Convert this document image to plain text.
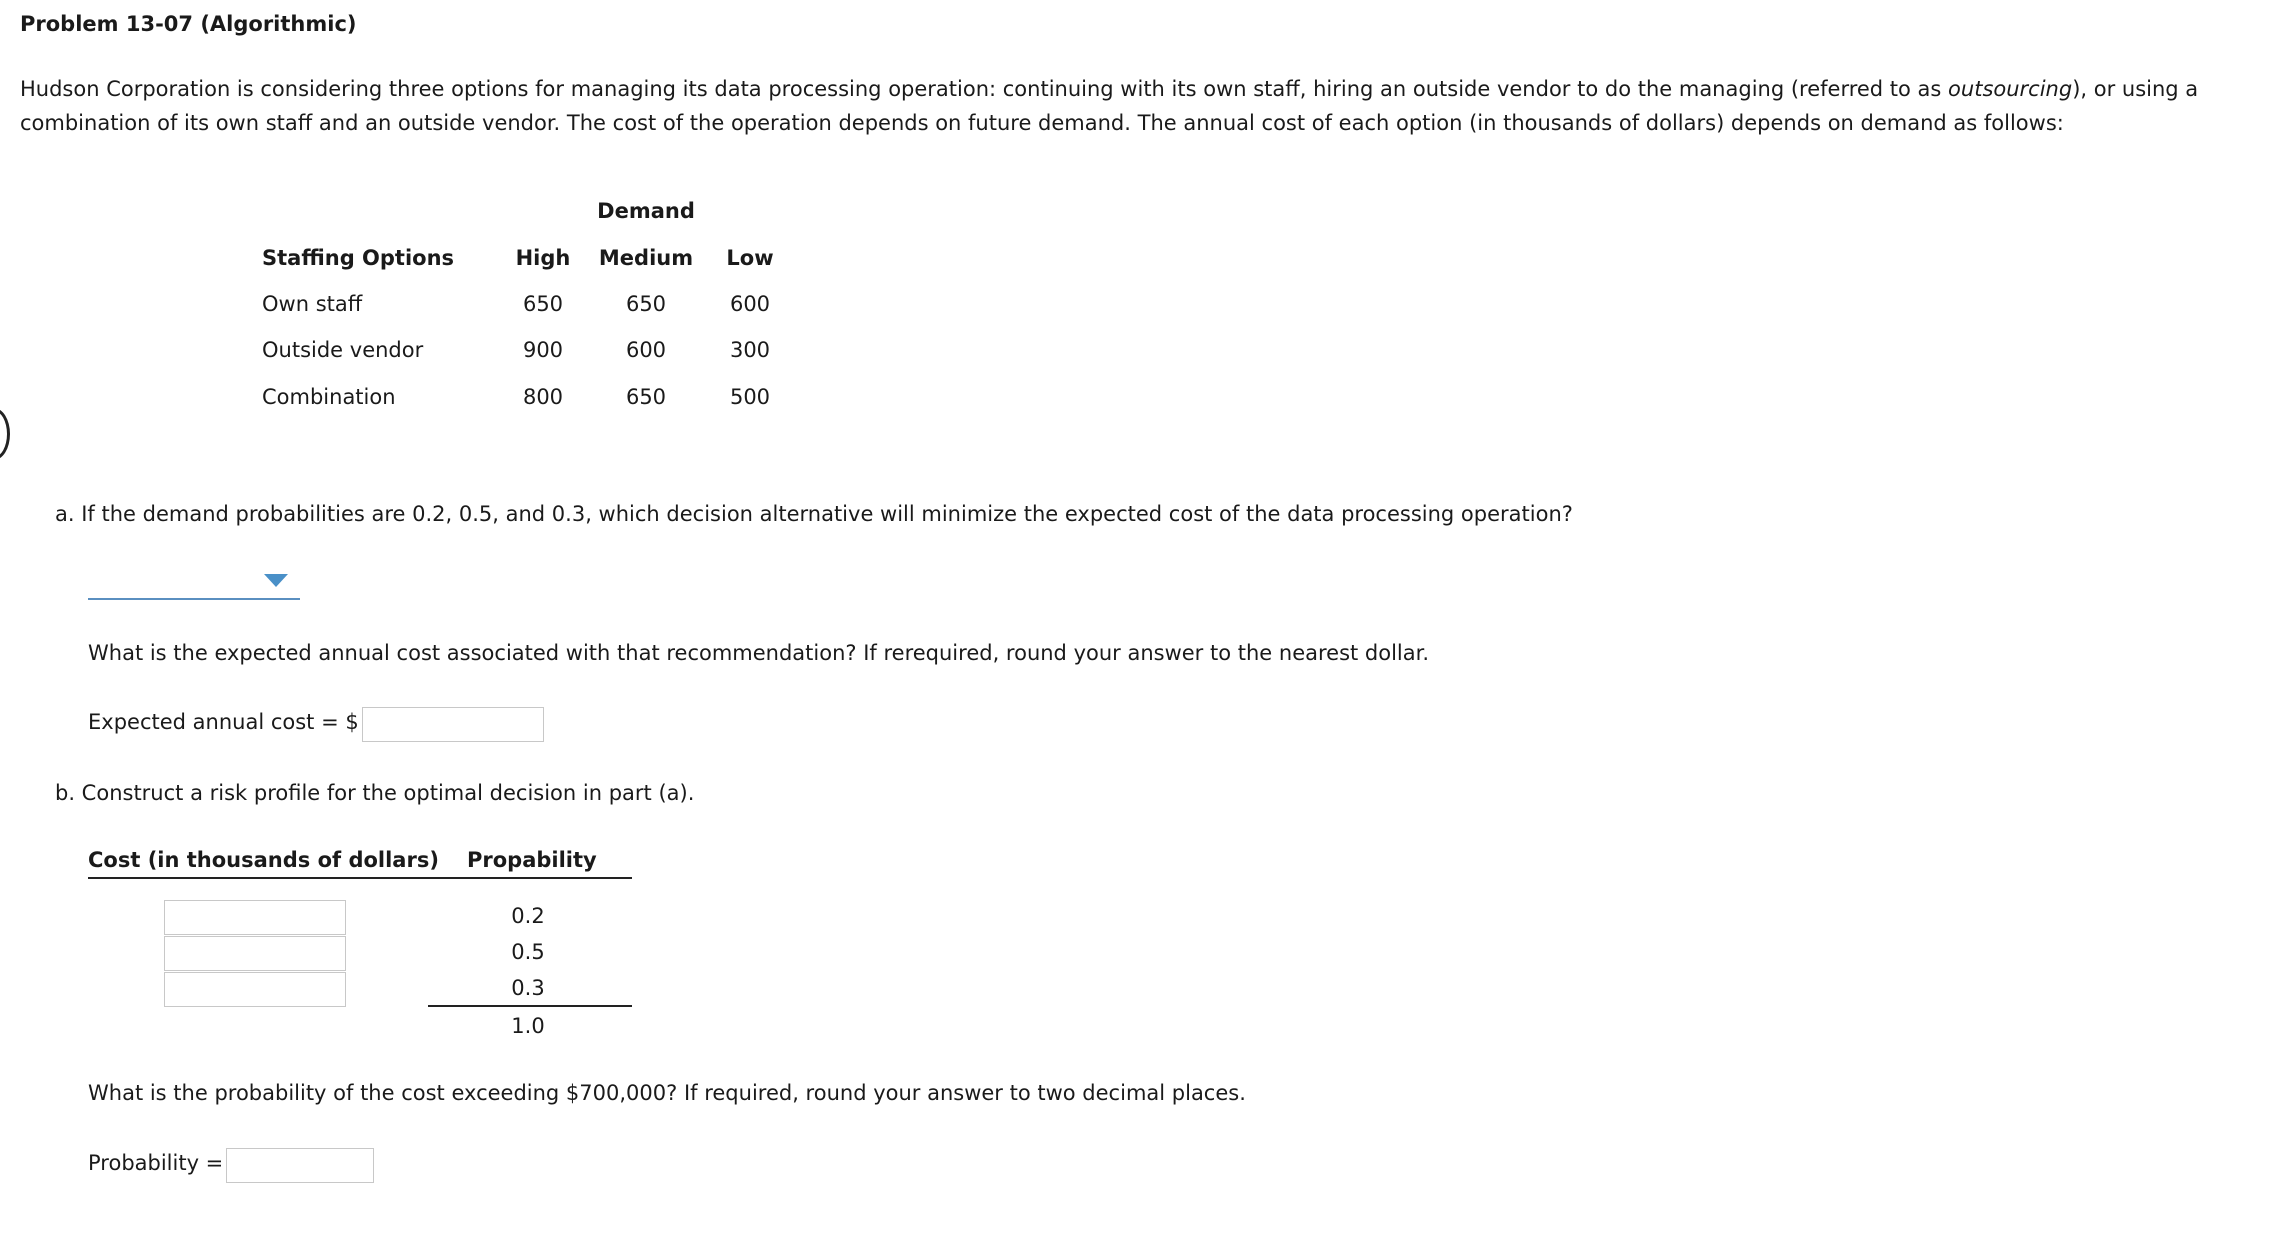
Problem 13-07 (Algorithmic)
Hudson Corporation is considering three options for managing its data processing operation: continuing with its own staff, hiring an outside vendor to do the managing (referred to as outsourcing), or using a combination of its own staff and an outside vendor. The cost of the operation depends on future demand. The annual cost of each option (in thousands of dollars) depends on demand as follows:
Demand
Staffing Options	High	Medium	Low
Own staff	650	650	600
Outside vendor	900	600	300
Combination	800	650	500
a. If the demand probabilities are 0.2, 0.5, and 0.3, which decision alternative will minimize the expected cost of the data processing operation?
What is the expected annual cost associated with that recommendation? If rerequired, round your answer to the nearest dollar.
Expected annual cost = $
b. Construct a risk profile for the optimal decision in part (a).
Cost (in thousands of dollars) Propability
0.2
0.5
0.3
1.0
What is the probability of the cost exceeding $700,000? If required, round your answer to two decimal places.
Probability =
